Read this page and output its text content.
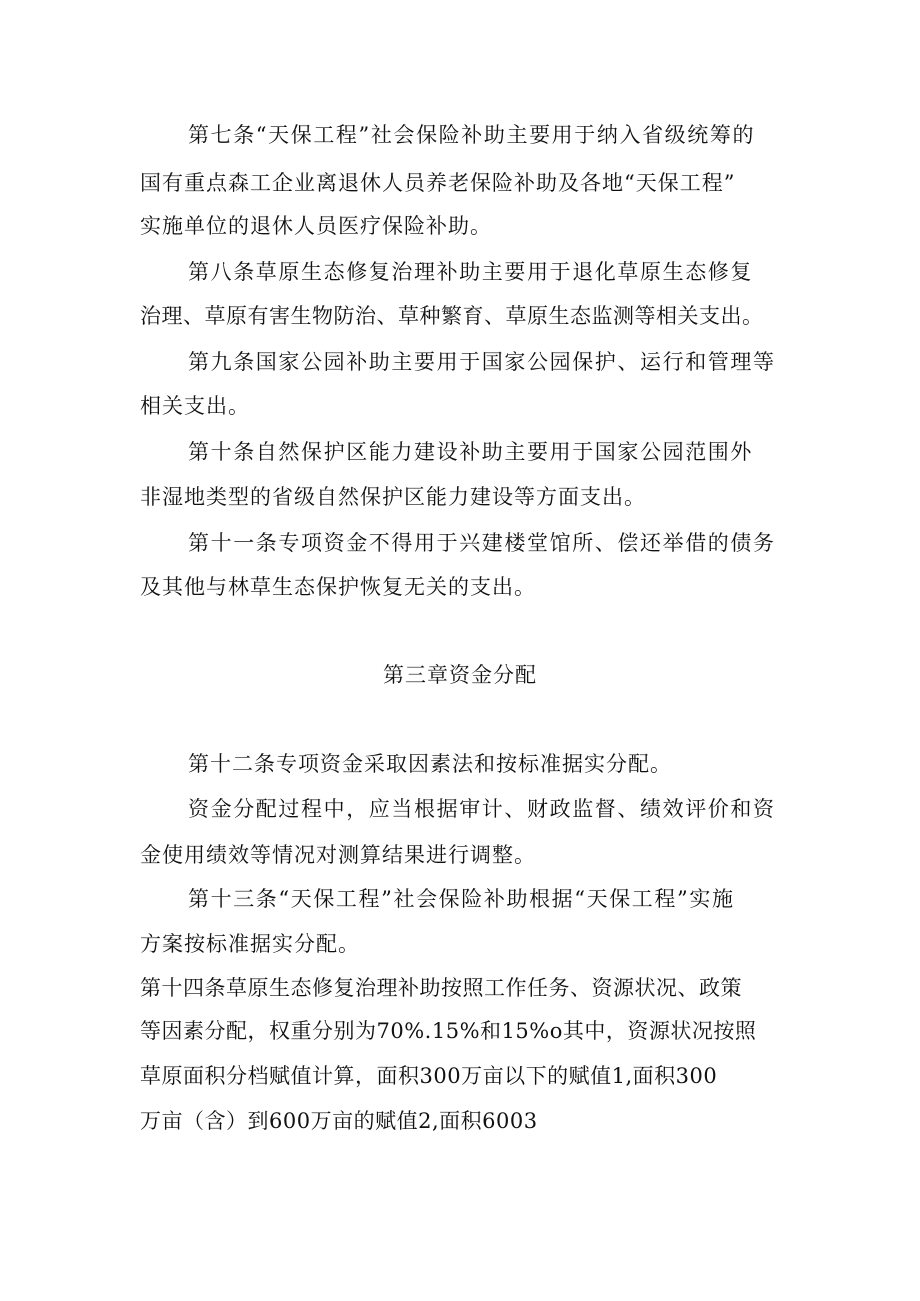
第七条“天保工程”社会保险补助主要用于纳入省级统筹的
国有重点森工企业离退休人员养老保险补助及各地“天保工程”
实施单位的退休人员医疗保险补助。
第八条草原生态修复治理补助主要用于退化草原生态修复
治理、草原有害生物防治、草种繁育、草原生态监测等相关支出。
第九条国家公园补助主要用于国家公园保护、运行和管理等
相关支出。
第十条自然保护区能力建设补助主要用于国家公园范围外
非湿地类型的省级自然保护区能力建设等方面支出。
第十一条专项资金不得用于兴建楼堂馆所、偿还举借的债务
及其他与林草生态保护恢复无关的支出。
第三章资金分配
第十二条专项资金采取因素法和按标准据实分配。
资金分配过程中，应当根据审计、财政监督、绩效评价和资
金使用绩效等情况对测算结果进行调整。
第十三条“天保工程”社会保险补助根据“天保工程”实施
方案按标准据实分配。
第十四条草原生态修复治理补助按照工作任务、资源状况、政策
等因素分配，权重分别为70%.15%和15%o其中，资源状况按照
草原面积分档赋值计算，面积300万亩以下的赋值1,面积300
万亩（含）到600万亩的赋值2,面积6003
